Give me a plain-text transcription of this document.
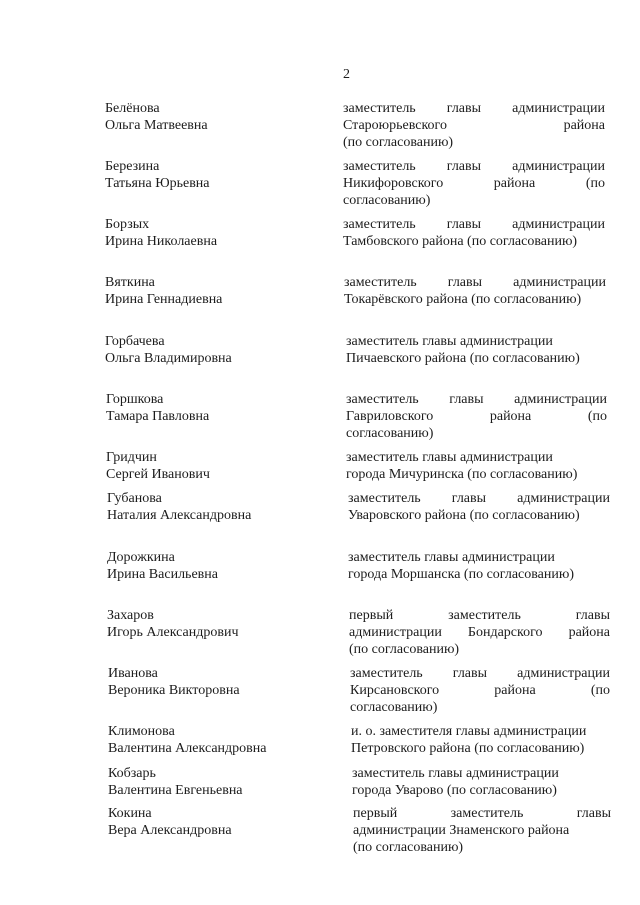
2
Белёнова
Ольга Матвеевна
заместитель главы администрации
Староюрьевского района
(по согласованию)
Березина
Татьяна Юрьевна
заместитель главы администрации
Никифоровского района (по
согласованию)
Борзых
Ирина Николаевна
заместитель главы администрации
Тамбовского района (по согласованию)
Вяткина
Ирина Геннадиевна
заместитель главы администрации
Токарёвского района (по согласованию)
Горбачева
Ольга Владимировна
заместитель главы администрации
Пичаевского района (по согласованию)
Горшкова
Тамара Павловна
заместитель главы администрации
Гавриловского района (по
согласованию)
Гридчин
Сергей Иванович
заместитель главы администрации
города Мичуринска (по согласованию)
Губанова
Наталия Александровна
заместитель главы администрации
Уваровского района (по согласованию)
Дорожкина
Ирина Васильевна
заместитель главы администрации
города Моршанска (по согласованию)
Захаров
Игорь Александрович
первый заместитель главы
администрации Бондарского района
(по согласованию)
Иванова
Вероника Викторовна
заместитель главы администрации
Кирсановского района (по
согласованию)
Климонова
Валентина Александровна
и. о. заместителя главы администрации
Петровского района (по согласованию)
Кобзарь
Валентина Евгеньевна
заместитель главы администрации
города Уварово (по согласованию)
Кокина
Вера Александровна
первый заместитель главы
администрации Знаменского района
(по согласованию)
